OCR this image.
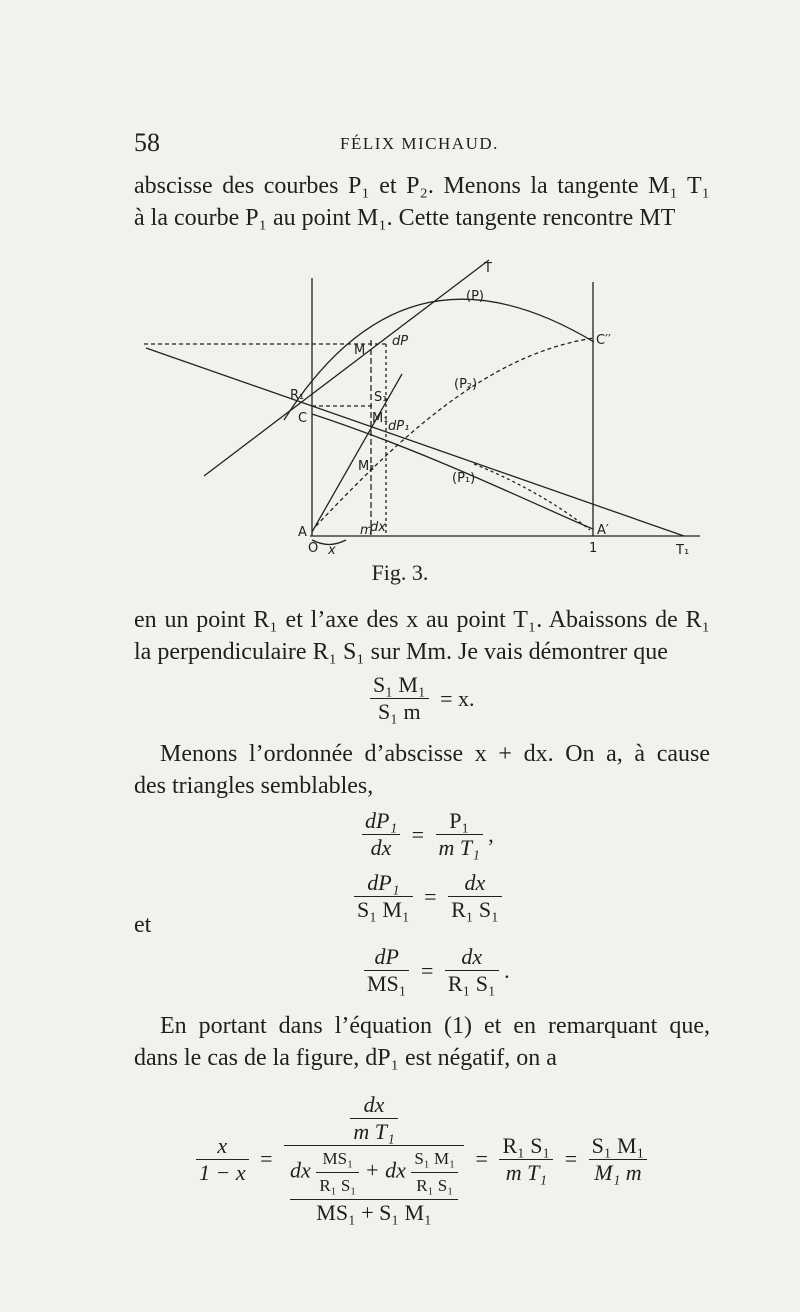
58	FÉLIX MICHAUD.
abscisse des courbes P₁ et P₂. Menons la tangente M₁ T₁
à la courbe P₁ au point M₁. Cette tangente rencontre MT
T
(P)
M
dP	C′′
(P₂)
R₁	S₁
C	M₁
dP₁
M₂
(P₁)
A	m
dx	A′
O x	1	T₁
Fig. 3.
en un point R₁ et l’axe des x au point T₁. Abaissons de R₁
la perpendiculaire R₁ S₁ sur Mm. Je vais démontrer que
$\frac{\text{S₁ M₁}}{\text{S₁ m}} = x$.
Menons l’ordonnée d’abscisse x + dx. On a, à cause
des triangles semblables,
$\frac{\text{dP₁}}{dx} = \frac{\text{P₁}}{\text{m T₁}}$ ,
$\frac{\text{dP₁}}{\text{S₁ M₁}} = \frac{dx}{\text{R₁ S₁}}$
et
$\frac{dP}{\text{MS₁}} = \frac{dx}{\text{R₁ S₁}}$ .
En portant dans l’équation (1) et en remarquant que,
dans le cas de la figure, dP₁ est négatif, on a
$\frac{x}{1 - x}$ =
$\frac{dx}{\text{m T₁}}$
dx $\frac{\text{MS₁}}{\text{R₁ S₁}}$ + dx $\frac{\text{S₁ M₁}}{\text{R₁ S₁}}$
MS₁ + S₁ M₁
= $\frac{\text{R₁ S₁}}{\text{m T₁}} = \frac{\text{S₁ M₁}}{\text{M₁ m}}$
